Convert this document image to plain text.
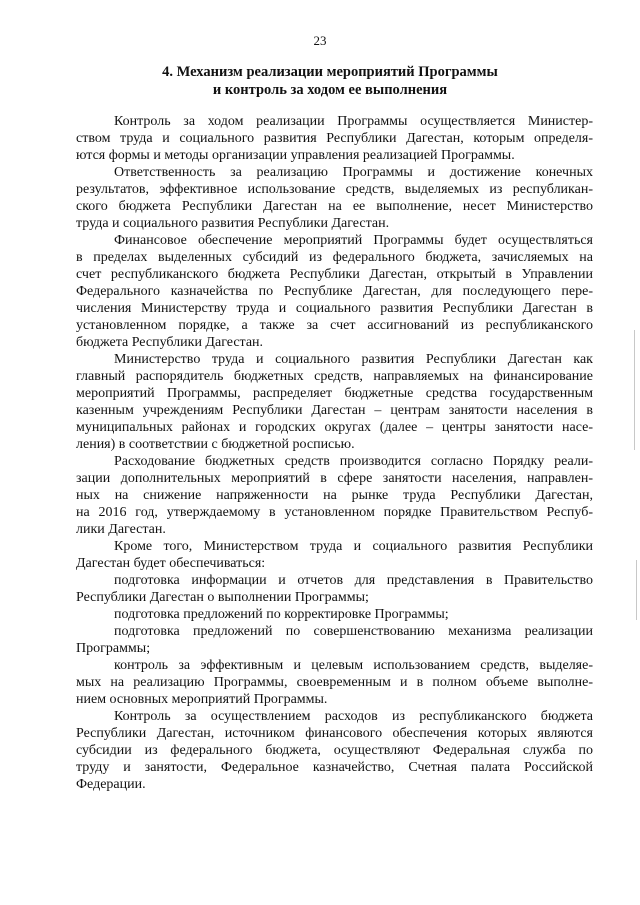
23
4. Механизм реализации мероприятий Программы
и контроль за ходом ее выполнения

Контроль за ходом реализации Программы осуществляется Министер-
ством труда и социального развития Республики Дагестан, которым определя-
ются формы и методы организации управления реализацией Программы.

Ответственность за реализацию Программы и достижение конечных
результатов, эффективное использование средств, выделяемых из республикан-
ского бюджета Республики Дагестан на ее выполнение, несет Министерство
труда и социального развития Республики Дагестан.

Финансовое обеспечение мероприятий Программы будет осуществляться
в пределах выделенных субсидий из федерального бюджета, зачисляемых на
счет республиканского бюджета Республики Дагестан, открытый в Управлении
Федерального казначейства по Республике Дагестан, для последующего пере-
числения Министерству труда и социального развития Республики Дагестан в
установленном порядке, а также за счет ассигнований из республиканского
бюджета Республики Дагестан.

Министерство труда и социального развития Республики Дагестан как
главный распорядитель бюджетных средств, направляемых на финансирование
мероприятий Программы, распределяет бюджетные средства государственным
казенным учреждениям Республики Дагестан – центрам занятости населения в
муниципальных районах и городских округах (далее – центры занятости насе-
ления) в соответствии с бюджетной росписью.

Расходование бюджетных средств производится согласно Порядку реали-
зации дополнительных мероприятий в сфере занятости населения, направлен-
ных на снижение напряженности на рынке труда Республики Дагестан,
на 2016 год, утверждаемому в установленном порядке Правительством Респуб-
лики Дагестан.

Кроме того, Министерством труда и социального развития Республики
Дагестан будет обеспечиваться:

подготовка информации и отчетов для представления в Правительство
Республики Дагестан о выполнении Программы;

подготовка предложений по корректировке Программы;

подготовка предложений по совершенствованию механизма реализации
Программы;

контроль за эффективным и целевым использованием средств, выделяе-
мых на реализацию Программы, своевременным и в полном объеме выполне-
нием основных мероприятий Программы.

Контроль за осуществлением расходов из республиканского бюджета
Республики Дагестан, источником финансового обеспечения которых являются
субсидии из федерального бюджета, осуществляют Федеральная служба по
труду и занятости, Федеральное казначейство, Счетная палата Российской
Федерации.
